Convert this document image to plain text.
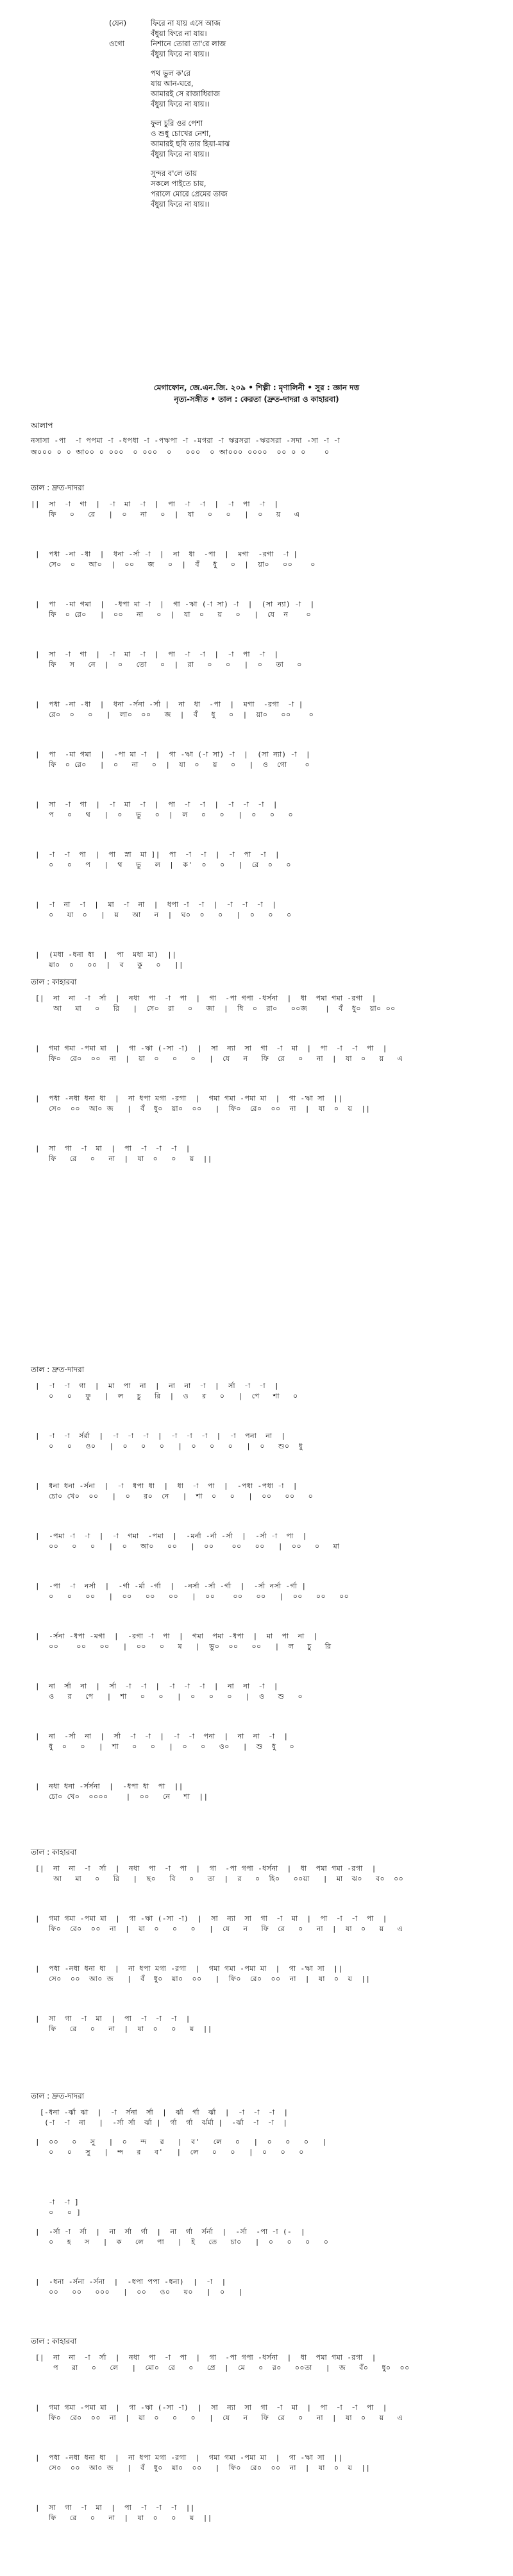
(যেন)	ফিরে না যায় এসে আজ
বঁধুয়া ফিরে না যায়।
ওগো	নিশানে তোরা তা'রে লাজ
বঁধুয়া ফিরে না যায়।।
পথ ভুল ক'রে
যায় আন-ঘরে,
আমারই সে রাজাধিরাজ
বঁধুয়া ফিরে না যায়।।
ফুল চুরি ওর পেশা
ও শুধু চোখের নেশা,
আমারই ছবি তার হিয়া-মাঝ
বঁধুয়া ফিরে না যায়।।
সুন্দর ব'লে তায়
সকলে পাইতে চায়,
পরালে মোরে প্রেমের তাজ
বঁধুয়া ফিরে না যায়।।
মেগাফোন, জে.এন.জি. ২০৯ • শিল্পী : মৃণালিনী • সুর : জ্ঞান দত্ত
নৃত্য-সঙ্গীত • তাল : কেরতা (দ্রুত-দাদরা ও কাহারবা)
আলাপ
নসাসা -পা  -া পপমা -া -ধপধা -া -পঋপা -া -মগরা -া ঋরসরা -ঋরসরা -সদা -সা -া -া
অ০০০ ০ ০ আ০০ ০ ০০০  ০ ০০০  ০   ০০০  ০ আ০০০ ০০০০  ০০ ০ ০    ০
তাল : দ্রুত-দাদরা
||  সা  -া  গা  |  -া  মা  -া  |  পা  -া  -া  |  -া  পা  -া  |
ফি   ০   রে   |  ০   না   ০  |  যা   ০   ০   |  ০   য়   এ
|  পধা -না -ধা  |  ধনা -র্সা -া  |  না  ধা  -পা  |  মগা  -রগা  -া |
সে০  ০   আ০  |  ০০   জ   ০  |  বঁ   ধু   ০  |  য়া০   ০০    ০
|  পা  -মা গমা  |  -ধপা মা -া  |  গা -ঋা (-া সা) -া  |  (সা ন্যা) -া  |
ফি  ০ রে০   |  ০০   না   ০  |  যা  ০   য়   ০   |  যে  ন    ০
|  সা  -া  গা  |  -া  মা  -া  |  পা  -া  -া  |  -া  পা  -া  |
ফি   স   নে  |  ০   তো   ০  |  রা   ০   ০   |  ০   তা   ০
|  পধা -না -ধা  |  ধনা -র্সনা -র্সা |  না  ধা  -পা  |  মগা  -রগা  -া |
রে০  ০   ০   |  লা০  ০০   জ  |  বঁ   ধু   ০  |  য়া০   ০০    ০
|  পা  -মা গমা  |  -পা মা -া  |  গা -ঋা (-া সা) -া  |  (সা ন্যা) -া  |
ফি  ০ রে০   |  ০   না   ০  |  যা  ০   য়   ০   |  ও  গো    ০
|  সা  -া  গা  |  -া  মা  -া  |  পা  -া  -া  |  -া  -া  -া  |
প   ০   থ   |  ০   ভু   ০  |  ল   ০   ০   |  ০   ০   ০
|  -া  -া  পা  |  পা  স্না  মা ]|  পা  -া  -া  |  -া  পা  -া  |
০   ০   প   |  থ   ভু   ল  |  ক'  ০   ০   |  রে  ০   ০
|  -া  না  -া  |  মা  -া  না  |  ধপা -া  -া  |  -া  -া  -া  |
০   যা  ০   |  য়   আ   ন  |  ঘ০  ০   ০   |  ০   ০   ০
|  (মধা -ধনা ধা  |  পা  মধা মা)  ||
য়া০  ০   ০০  |  ব   কু   ০   ||
তাল : কাহারবা
[|  না  না  -া  র্সা  |  নধা  পা  -া  পা  |  গা  -পা গপা -ধর্সনা  |  ধা  পমা গমা -রগা  |
আ   মা   ০   রি   |  সে০  রা   ০   জা  |  ধি  ০  রা০   ০০জ    |  বঁ  ধু০  য়া০ ০০
|  গমা গমা -পমা মা  |  গা -ঋা (-সা -া)  |  সা  ন্যা  সা  গা  -া  মা  |  পা  -া  -া  পা  |
ফি০  রে০  ০০  না  |  য়া  ০   ০   ০   |  যে   ন   ফি  রে   ০   না  |  যা  ০   য়   এ
|  পধা -নধা ধনা ধা  |  না ধপা মগা -রগা  |  গমা গমা -পমা মা  |  গা -ঋা সা  ||
সে০  ০০  আ০ জ   |  বঁ  ধু০  য়া০  ০০   |  ফি০  রে০  ০০  না  |  যা  ০  য়  ||
|  সা  গা  -া  মা  |  পা  -া  -া  -া  |
ফি   রে   ০   না  |  যা  ০   ০   য়  ||
তাল : দ্রুত-দাদরা
|  -া  -া  গা  |  মা  পা  না  |  না  না  -া  |  র্সা  -া  -া  |
০   ০   ফু   |  ল   চু   রি  |  ও   র   ০   |  পে   শা   ০
|  -া  -া  র্সর্রা  |  -া  -া  -া  |  -া  -া  -া  |  -া  পনা  না  |
০   ০   ও০   |  ০   ০   ০   |  ০   ০   ০   |  ০   শু০  ধু
|  ধনা ধনা -র্সনা  |  -া  ধপা ধা  |  ধা  -া  পা  |  -পধা -পধা -া  |
চো০ খে০  ০০   |  ০   র০  নে   |  শা  ০   ০   |  ০০   ০০   ০
|  -পমা -া  -া  |  -া  গমা  -পমা  |  -মর্না -র্না -র্সা  |  -র্সা -া  পা  |
০০   ০   ০   |  ০   আ০   ০০   |  ০০    ০০   ০০   |  ০০   ০   মা
|  -পা  -া  নর্সা  |  -র্গা -র্মা -র্গা  |  -নর্সা -র্সা -র্গা  |  -র্সা নর্সা -র্গা |
০   ০   ০০   |  ০০   ০০   ০০   |  ০০    ০০   ০০   |  ০০   ০০   ০০
|  -র্সনা -ধপা -মগা  |  -রগা -া  পা  |  গমা  পমা -ধপা  |  মা  পা  না  |
০০    ০০   ০০   |  ০০   ০   ম   |  ভু০  ০০   ০০   |  ল   চু   রি
|  না  র্সা  না  |  র্সা  -া  -া  |  -া  -া  -া  |  না  না  -া  |
ও   র   পে   |  শা   ০   ০   |  ০   ০   ০   |  ও   শু   ০
|  না  -র্সা  না  |  র্সা  -া  -া  |  -া  -া  পনা  |  না  না  -া  |
ধু  ০   ০   |  শা   ০   ০   |  ০   ০   ও০   |  শু  ধু   ০
|  নধা ধনা -র্সর্সনা  |  -ধপা ধা  পা  ||
চো০ খে০  ০০০০    |  ০০   নে   শা  ||
তাল : কাহারবা
[|  না  না  -া  র্সা  |  নধা  পা  -া  পা  |  গা  -পা গপা -ধর্সনা  |  ধা  পমা গমা -রগা  |
আ   মা   ০   রি   |  ছ০   বি   ০   তা  |  র   ০  হি০   ০০য়া   |  মা  ঝ০   ব০  ০০
|  গমা গমা -পমা মা  |  গা -ঋা (-সা -া)  |  সা  ন্যা  সা  গা  -া  মা  |  পা  -া  -া  পা  |
ফি০  রে০  ০০  না  |  য়া  ০   ০   ০   |  যে   ন   ফি  রে   ০   না  |  যা  ০   য়   এ
|  পধা -নধা ধনা ধা  |  না ধপা মগা -রগা  |  গমা গমা -পমা মা  |  গা -ঋা সা  ||
সে০  ০০  আ০ জ   |  বঁ  ধু০  য়া০  ০০   |  ফি০  রে০  ০০  না  |  যা  ০  য়  ||
|  সা  গা  -া  মা  |  পা  -া  -া  -া  |
ফি   রে   ০   না  |  যা  ০   ০   য়  ||
তাল : দ্রুত-দাদরা
[-ধনা -র্ঝা ঝা  |  -া  র্সনা  র্সা  |  র্ঝা  র্গা  র্ঝা  |  -া  -া  -া  |
(-া  -া  না   |  -র্সা র্সা  র্ঝা |  র্গা  র্গা  র্ঝর্মা |  -র্ঝা  -া  -া  |
|  ০০   ০   সু   |  ০   ন্দ   র   |  ব'   লে   ০   |  ০   ০   ০   |
০   ০   সু   |  ন্দ   র   ব'   |  লে   ০   ০   |  ০   ০   ০
-া  -া ]
০   ০ ]
|  -র্সা -া  র্সা  |  না  র্সা  র্গা  |  না  র্গা  র্সর্না  |  -র্সা  -পা -া (-  |
০   হ   স   |  ক   লে   পা   |  ই   তে   চা০   |  ০   ০   ০   ০
|  -ধনা -র্সনা -র্সনা  |  -ধপা পপা -ধনা)  |  -া  |
০০   ০০   ০০০   |  ০০   ও০   য়০   |  ০   |
তাল : কাহারবা
[|  না  না  -া  র্সা  |  নধা  পা  -া  পা  |  গা  -পা গপা -ধর্সনা  |  ধা  পমা গমা -রগা  |
প   রা   ০   লে   |  মো০  রে   ০   প্রে  |  মে   ০  র০   ০০তা   |  জ   বঁ০   ধু০  ০০
|  গমা গমা -পমা মা  |  গা -ঋা (-সা -া)  |  সা  ন্যা  সা  গা  -া  মা  |  পা  -া  -া  পা  |
ফি০  রে০  ০০  না  |  য়া  ০   ০   ০   |  যে   ন   ফি  রে   ০   না  |  যা  ০   য়   এ
|  পধা -নধা ধনা ধা  |  না ধপা মগা -রগা  |  গমা গমা -পমা মা  |  গা -ঋা সা  ||
সে০  ০০  আ০ জ   |  বঁ  ধু০  য়া০  ০০   |  ফি০  রে০  ০০  না  |  যা  ০  য়  ||
|  সা  গা  -া  মা  |  পা  -া  -া  -া  ||
ফি   রে   ০   না  |  যা  ০   ০   য়  ||
